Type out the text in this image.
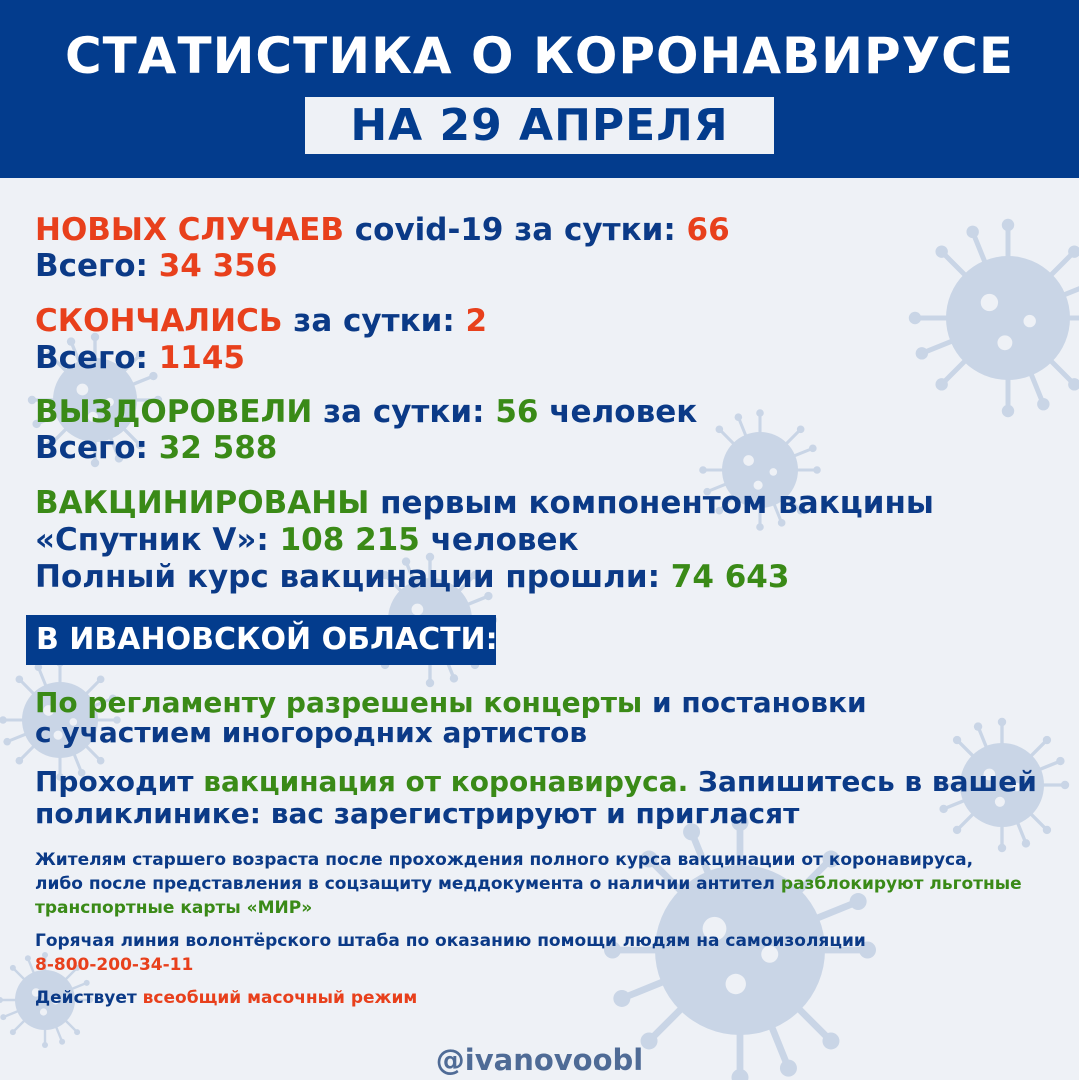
СТАТИСТИКА О КОРОНАВИРУСЕ
НА 29 АПРЕЛЯ
НОВЫХ СЛУЧАЕВ covid-19 за сутки: 66
Всего: 34 356
СКОНЧАЛИСЬ за сутки: 2
Всего: 1145
ВЫЗДОРОВЕЛИ за сутки: 56 человек
Всего: 32 588
ВАКЦИНИРОВАНЫ первым компонентом вакцины
«Спутник V»: 108 215 человек
Полный курс вакцинации прошли: 74 643
В ИВАНОВСКОЙ ОБЛАСТИ:
По регламенту разрешены концерты и постановки
с участием иногородних артистов
Проходит вакцинация от коронавируса. Запишитесь в вашей
поликлинике: вас зарегистрируют и пригласят
Жителям старшего возраста после прохождения полного курса вакцинации от коронавируса,
либо после представления в соцзащиту меддокумента о наличии антител разблокируют льготные
транспортные карты «МИР»
Горячая линия волонтёрского штаба по оказанию помощи людям на самоизоляции
8-800-200-34-11
Действует всеобщий масочный режим
@ivanovoobl
